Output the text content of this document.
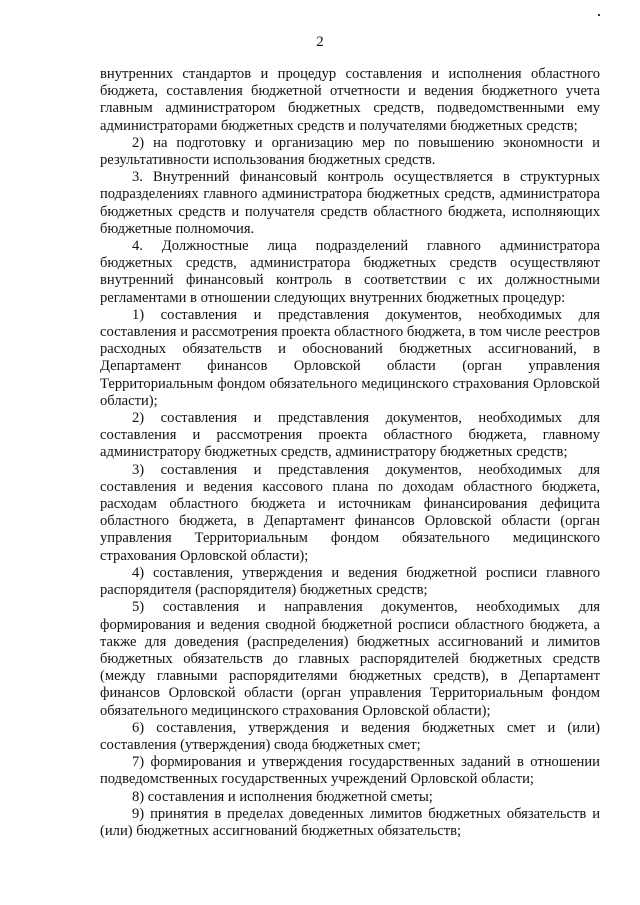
2

внутренних стандартов и процедур составления и исполнения областного бюджета, составления бюджетной отчетности и ведения бюджетного учета главным администратором бюджетных средств, подведомственными ему администраторами бюджетных средств и получателями бюджетных средств;

2) на подготовку и организацию мер по повышению экономности и результативности использования бюджетных средств.

3. Внутренний финансовый контроль осуществляется в структурных подразделениях главного администратора бюджетных средств, администратора бюджетных средств и получателя средств областного бюджета, исполняющих бюджетные полномочия.

4. Должностные лица подразделений главного администратора бюджетных средств, администратора бюджетных средств осуществляют внутренний финансовый контроль в соответствии с их должностными регламентами в отношении следующих внутренних бюджетных процедур:

1) составления и представления документов, необходимых для составления и рассмотрения проекта областного бюджета, в том числе реестров расходных обязательств и обоснований бюджетных ассигнований, в Департамент финансов Орловской области (орган управления Территориальным фондом обязательного медицинского страхования Орловской области);

2) составления и представления документов, необходимых для составления и рассмотрения проекта областного бюджета, главному администратору бюджетных средств, администратору бюджетных средств;

3) составления и представления документов, необходимых для составления и ведения кассового плана по доходам областного бюджета, расходам областного бюджета и источникам финансирования дефицита областного бюджета, в Департамент финансов Орловской области (орган управления Территориальным фондом обязательного медицинского страхования Орловской области);

4) составления, утверждения и ведения бюджетной росписи главного распорядителя (распорядителя) бюджетных средств;

5) составления и направления документов, необходимых для формирования и ведения сводной бюджетной росписи областного бюджета, а также для доведения (распределения) бюджетных ассигнований и лимитов бюджетных обязательств до главных распорядителей бюджетных средств (между главными распорядителями бюджетных средств), в Департамент финансов Орловской области (орган управления Территориальным фондом обязательного медицинского страхования Орловской области);

6) составления, утверждения и ведения бюджетных смет и (или) составления (утверждения) свода бюджетных смет;

7) формирования и утверждения государственных заданий в отношении подведомственных государственных учреждений Орловской области;

8) составления и исполнения бюджетной сметы;

9) принятия в пределах доведенных лимитов бюджетных обязательств и (или) бюджетных ассигнований бюджетных обязательств;
